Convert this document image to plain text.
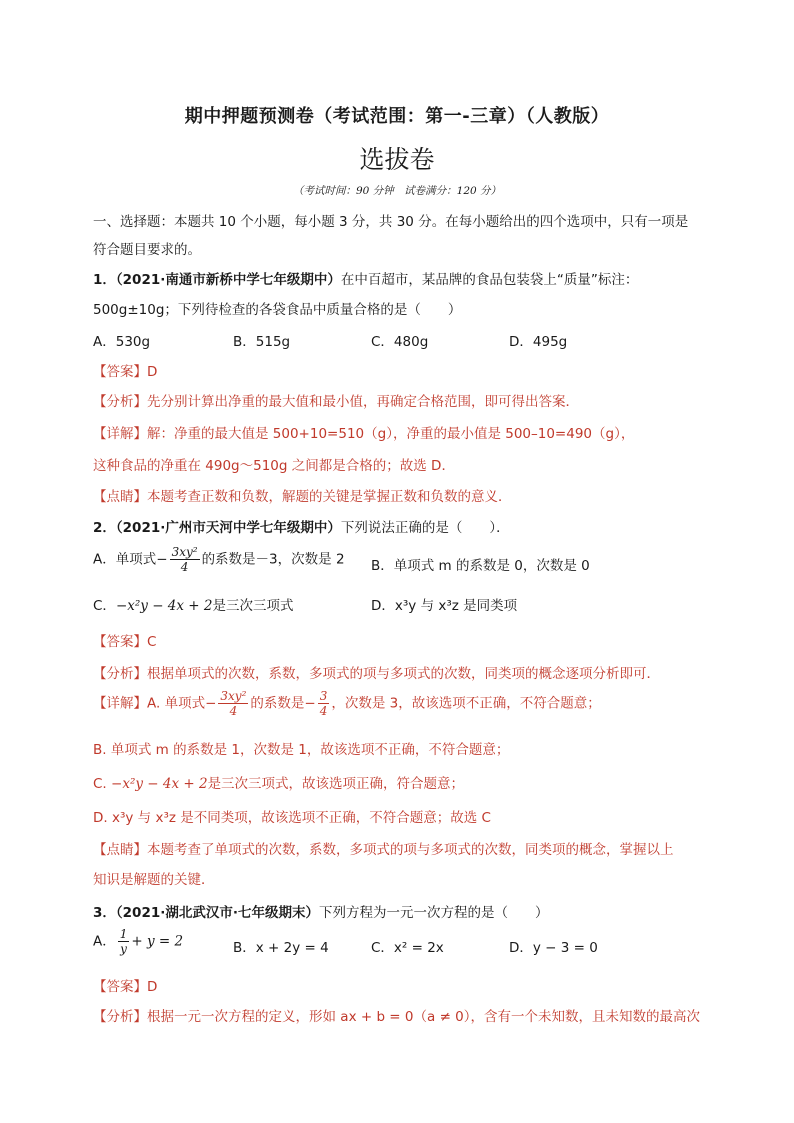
期中押题预测卷（考试范围：第一-三章）（人教版）
选拔卷
（考试时间：90 分钟　试卷满分：120 分）
一、选择题：本题共 10 个小题，每小题 3 分，共 30 分。在每小题给出的四个选项中，只有一项是
符合题目要求的。
1．（2021·南通市新桥中学七年级期中）在中百超市，某品牌的食品包装袋上“质量”标注：
500g±10g；下列待检查的各袋食品中质量合格的是（　　）
A．530g	B．515g	C．480g	D．495g
【答案】D
【分析】先分别计算出净重的最大值和最小值，再确定合格范围，即可得出答案．
【详解】解：净重的最大值是 500+10=510（g），净重的最小值是 500–10=490（g），
这种食品的净重在 490g～510g 之间都是合格的；故选 D．
【点睛】本题考查正数和负数，解题的关键是掌握正数和负数的意义．
2．（2021·广州市天河中学七年级期中）下列说法正确的是（　　）．
A．单项式− $\frac{\text{3xy²}}{4}$ 的系数是－3，次数是 2 B．单项式 m 的系数是 0，次数是 0
C．−x²y − 4x + 2是三次三项式	D．x³y 与 x³z 是同类项
【答案】C
【分析】根据单项式的次数，系数，多项式的项与多项式的次数，同类项的概念逐项分析即可．
【详解】A. 单项式− $\frac{\text{3xy²}}{4}$ 的系数是− $\frac{3}{4}$ ，次数是 3，故该选项不正确，不符合题意；
B. 单项式 m 的系数是 1，次数是 1，故该选项不正确，不符合题意；
C. −x²y − 4x + 2是三次三项式，故该选项正确，符合题意；
D. x³y 与 x³z 是不同类项，故该选项不正确，不符合题意；故选 C
【点睛】本题考查了单项式的次数，系数，多项式的项与多项式的次数，同类项的概念，掌握以上
知识是解题的关键．
3．（2021·湖北武汉市·七年级期末）下列方程为一元一次方程的是（　　）
A． $\frac{1}{y} + y = 2$	B．x + 2y = 4	C．x² = 2x	D．y − 3 = 0
【答案】D
【分析】根据一元一次方程的定义，形如 ax + b = 0（a ≠ 0），含有一个未知数，且未知数的最高次
